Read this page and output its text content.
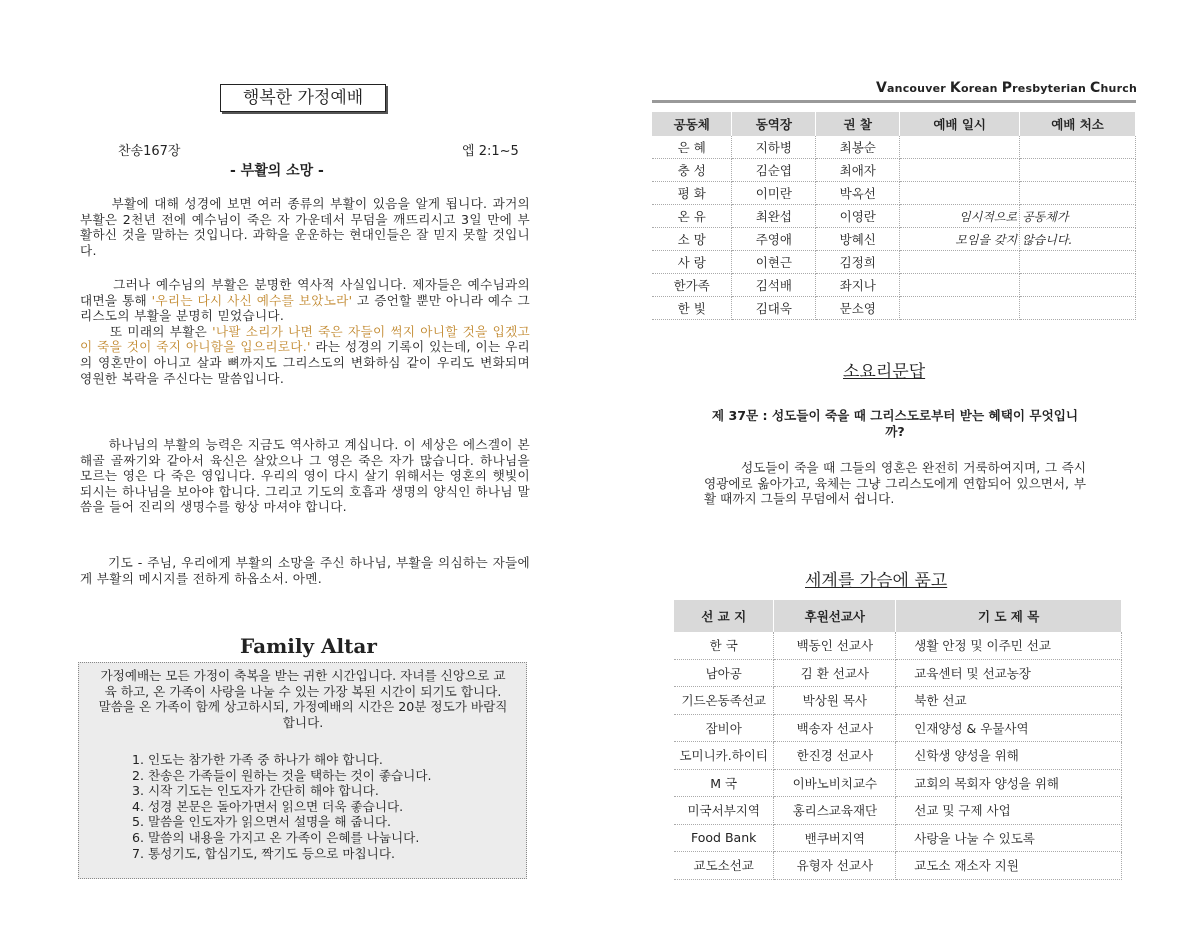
행복한 가정예배
찬송167장	엡 2:1~5
- 부활의 소망 -
부활에 대해 성경에 보면 여러 종류의 부활이 있음을 알게 됩니다. 과거의 부활은 2천년 전에 예수님이 죽은 자 가운데서 무덤을 깨뜨리시고 3일 만에 부활하신 것을 말하는 것입니다. 과학을 운운하는 현대인들은 잘 믿지 못할 것입니다.
그러나 예수님의 부활은 분명한 역사적 사실입니다. 제자들은 예수님과의 대면을 통해 '우리는 다시 사신 예수를 보았노라' 고 증언할 뿐만 아니라 예수 그리스도의 부활을 분명히 믿었습니다.
또 미래의 부활은 '나팔 소리가 나면 죽은 자들이 썩지 아니할 것을 입겠고 이 죽을 것이 죽지 아니함을 입으리로다.' 라는 성경의 기록이 있는데, 이는 우리의 영혼만이 아니고 살과 뼈까지도 그리스도의 변화하심 같이 우리도 변화되며 영원한 복락을 주신다는 말씀입니다.
하나님의 부활의 능력은 지금도 역사하고 계십니다. 이 세상은 에스겔이 본 해골 골짜기와 같아서 육신은 살았으나 그 영은 죽은 자가 많습니다. 하나님을 모르는 영은 다 죽은 영입니다. 우리의 영이 다시 살기 위해서는 영혼의 햇빛이 되시는 하나님을 보아야 합니다. 그리고 기도의 호흡과 생명의 양식인 하나님 말씀을 들어 진리의 생명수를 항상 마셔야 합니다.
기도 - 주님, 우리에게 부활의 소망을 주신 하나님, 부활을 의심하는 자들에게 부활의 메시지를 전하게 하옵소서. 아멘.
Family Altar
가정예배는 모든 가정이 축복을 받는 귀한 시간입니다. 자녀를 신앙으로 교육 하고, 온 가족이 사랑을 나눌 수 있는 가장 복된 시간이 되기도 합니다. 말씀을 온 가족이 함께 상고하시되, 가정예배의 시간은 20분 정도가 바람직합니다.
1. 인도는 참가한 가족 중 하나가 해야 합니다.
2. 찬송은 가족들이 원하는 것을 택하는 것이 좋습니다.
3. 시작 기도는 인도자가 간단히 해야 합니다.
4. 성경 본문은 돌아가면서 읽으면 더욱 좋습니다.
5. 말씀을 인도자가 읽으면서 설명을 해 줍니다.
6. 말씀의 내용을 가지고 온 가족이 은혜를 나눕니다.
7. 통성기도, 합심기도, 짝기도 등으로 마칩니다.
Vancouver Korean Presbyterian Church
공동체	동역장	권 찰	예배 일시	예배 처소
은 혜	지하병	최봉순		
충 성	김순엽	최애자		
평 화	이미란	박옥선		
온 유	최완섭	이영란	임시적으로	공동체가
소 망	주영애	방혜신	모임을 갖지	않습니다.
사 랑	이현근	김정희		
한가족	김석배	좌지나		
한 빛	김대욱	문소영		
소요리문답
제 37문 : 성도들이 죽을 때 그리스도로부터 받는 혜택이 무엇입니까?
성도들이 죽을 때 그들의 영혼은 완전히 거룩하여지며, 그 즉시 영광에로 옮아가고, 육체는 그냥 그리스도에게 연합되어 있으면서, 부활 때까지 그들의 무덤에서 쉽니다.
세계를 가슴에 품고
선 교 지	후원선교사	기 도 제 목
한 국	백동인 선교사	생활 안정 및 이주민 선교
남아공	김 환 선교사	교육센터 및 선교농장
기드온동족선교	박상원 목사	북한 선교
잠비아	백송자 선교사	인재양성 & 우물사역
도미니카.하이티	한진경 선교사	신학생 양성을 위해
M 국	이바노비치교수	교회의 목회자 양성을 위해
미국서부지역	홍리스교육재단	선교 및 구제 사업
Food Bank	밴쿠버지역	사랑을 나눌 수 있도록
교도소선교	유형자 선교사	교도소 재소자 지원
